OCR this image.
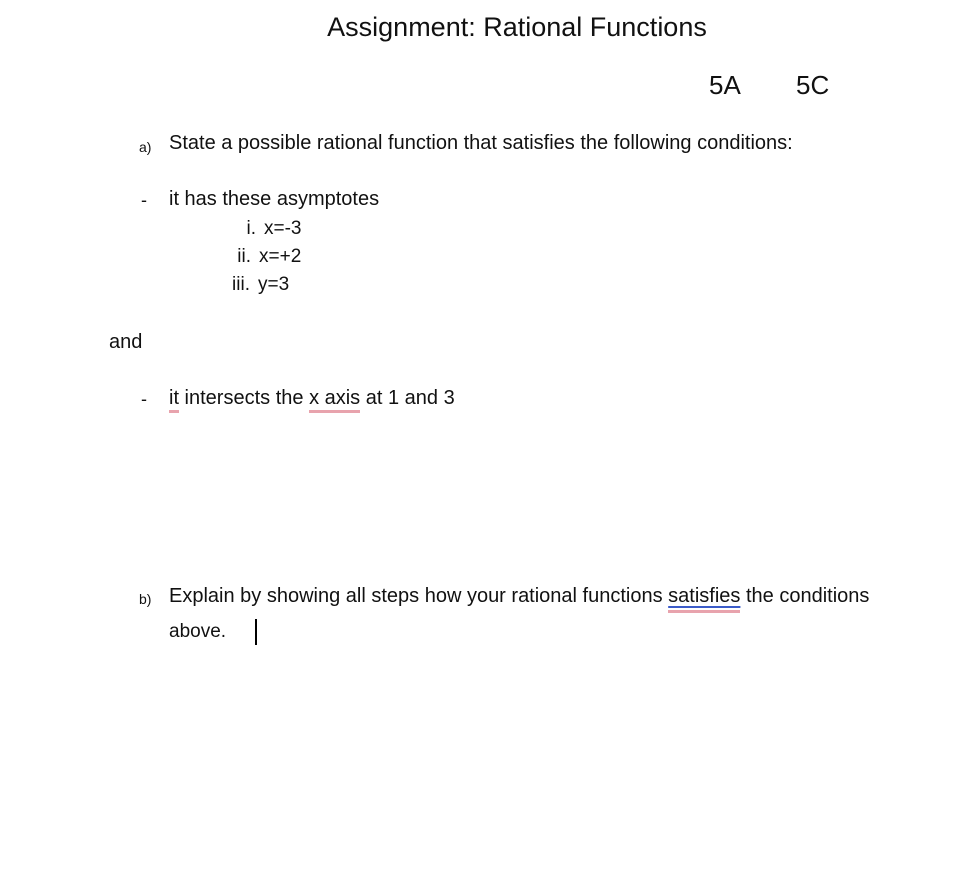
Assignment: Rational Functions
5A 5C
a) State a possible rational function that satisfies the following conditions:
- it has these asymptotes
i. x=-3
ii. x=+2
iii. y=3
and
- it intersects the x axis at 1 and 3
b) Explain by showing all steps how your rational functions satisfies the conditions
above.
